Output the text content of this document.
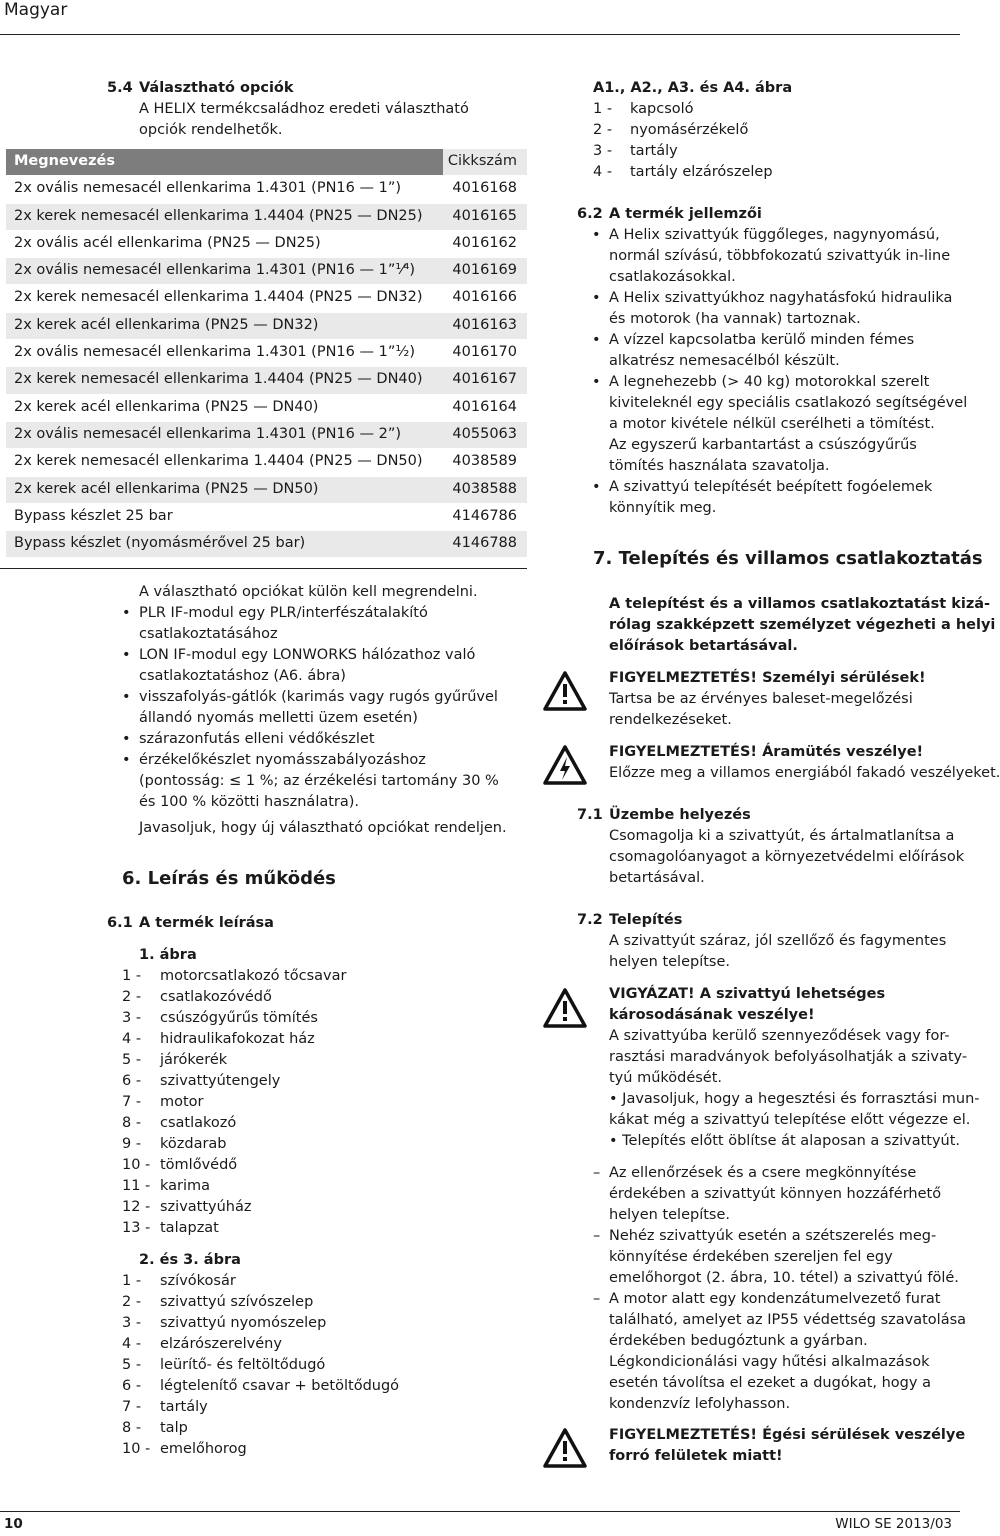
Magyar
5.4 Választható opciók
A HELIX termékcsaládhoz eredeti választható
opciók rendelhetők.
Megnevezés	Cikkszám
2x ovális nemesacél ellenkarima 1.4301 (PN16 — 1”)	4016168
2x kerek nemesacél ellenkarima 1.4404 (PN25 — DN25) 4016165
2x ovális acél ellenkarima (PN25 — DN25)	4016162
2x ovális nemesacél ellenkarima 1.4301 (PN16 — 1”¹⁄⁴)	4016169
2x kerek nemesacél ellenkarima 1.4404 (PN25 — DN32) 4016166
2x kerek acél ellenkarima (PN25 — DN32)	4016163
2x ovális nemesacél ellenkarima 1.4301 (PN16 — 1”¹⁄₂)	4016170
2x kerek nemesacél ellenkarima 1.4404 (PN25 — DN40) 4016167
2x kerek acél ellenkarima (PN25 — DN40)	4016164
2x ovális nemesacél ellenkarima 1.4301 (PN16 — 2”)	4055063
2x kerek nemesacél ellenkarima 1.4404 (PN25 — DN50) 4038589
2x kerek acél ellenkarima (PN25 — DN50)	4038588
Bypass készlet 25 bar	4146786
Bypass készlet (nyomásmérővel 25 bar)	4146788
A választható opciókat külön kell megrendelni.
• PLR IF-modul egy PLR/interfészátalakító
csatlakoztatásához
• LON IF-modul egy LONWORKS hálózathoz való
csatlakoztatáshoz (A6. ábra)
• visszafolyás-gátlók (karimás vagy rugós gyűrűvel
állandó nyomás melletti üzem esetén)
• szárazonfutás elleni védőkészlet
• érzékelőkészlet nyomásszabályozáshoz
(pontosság: ≤ 1 %; az érzékelési tartomány 30 %
és 100 % közötti használatra).
Javasoljuk, hogy új választható opciókat rendeljen.
6. Leírás és működés
6.1 A termék leírása
1. ábra
1 - motorcsatlakozó tőcsavar
2 - csatlakozóvédő
3 - csúszógyűrűs tömítés
4 - hidraulikafokozat ház
5 - járókerék
6 - szivattyútengely
7 - motor
8 - csatlakozó
9 - közdarab
10 - tömlővédő
11 - karima
12 - szivattyúház
13 - talapzat
2. és 3. ábra
1 - szívókosár
2 - szivattyú szívószelep
3 - szivattyú nyomószelep
4 - elzárószerelvény
5 - leürítő- és feltöltődugó
6 - légtelenítő csavar + betöltődugó
7 - tartály
8 - talp
10 - emelőhorog
A1., A2., A3. és A4. ábra
1 - kapcsoló
2 - nyomásérzékelő
3 - tartály
4 - tartály elzárószelep
6.2 A termék jellemzői
• A Helix szivattyúk függőleges, nagynyomású,
normál szívású, többfokozatú szivattyúk in-line
csatlakozásokkal.
• A Helix szivattyúkhoz nagyhatásfokú hidraulika
és motorok (ha vannak) tartoznak.
• A vízzel kapcsolatba kerülő minden fémes
alkatrész nemesacélból készült.
• A legnehezebb (> 40 kg) motorokkal szerelt
kiviteleknél egy speciális csatlakozó segítségével
a motor kivétele nélkül cserélheti a tömítést.
Az egyszerű karbantartást a csúszógyűrűs
tömítés használata szavatolja.
• A szivattyú telepítését beépített fogóelemek
könnyítik meg.
7. Telepítés és villamos csatlakoztatás
A telepítést és a villamos csatlakoztatást kizá-
rólag szakképzett személyzet végezheti a helyi
előírások betartásával.
FIGYELMEZTETÉS! Személyi sérülések!
Tartsa be az érvényes baleset-megelőzési
rendelkezéseket.
FIGYELMEZTETÉS! Áramütés veszélye!
Előzze meg a villamos energiából fakadó veszélyeket.
7.1 Üzembe helyezés
Csomagolja ki a szivattyút, és ártalmatlanítsa a
csomagolóanyagot a környezetvédelmi előírások
betartásával.
7.2 Telepítés
A szivattyút száraz, jól szellőző és fagymentes
helyen telepítse.
VIGYÁZAT! A szivattyú lehetséges
károsodásának veszélye!
A szivattyúba kerülő szennyeződések vagy for-
rasztási maradványok befolyásolhatják a szivaty-
tyú működését.
• Javasoljuk, hogy a hegesztési és forrasztási mun-
kákat még a szivattyú telepítése előtt végezze el.
• Telepítés előtt öblítse át alaposan a szivattyút.
– Az ellenőrzések és a csere megkönnyítése
érdekében a szivattyút könnyen hozzáférhető
helyen telepítse.
– Nehéz szivattyúk esetén a szétszerelés meg-
könnyítése érdekében szereljen fel egy
emelőhorgot (2. ábra, 10. tétel) a szivattyú fölé.
– A motor alatt egy kondenzátumelvezető furat
található, amelyet az IP55 védettség szavatolása
érdekében bedugóztunk a gyárban.
Légkondicionálási vagy hűtési alkalmazások
esetén távolítsa el ezeket a dugókat, hogy a
kondenzvíz lefolyhasson.
FIGYELMEZTETÉS! Égési sérülések veszélye
forró felületek miatt!
10	WILO SE 2013/03
